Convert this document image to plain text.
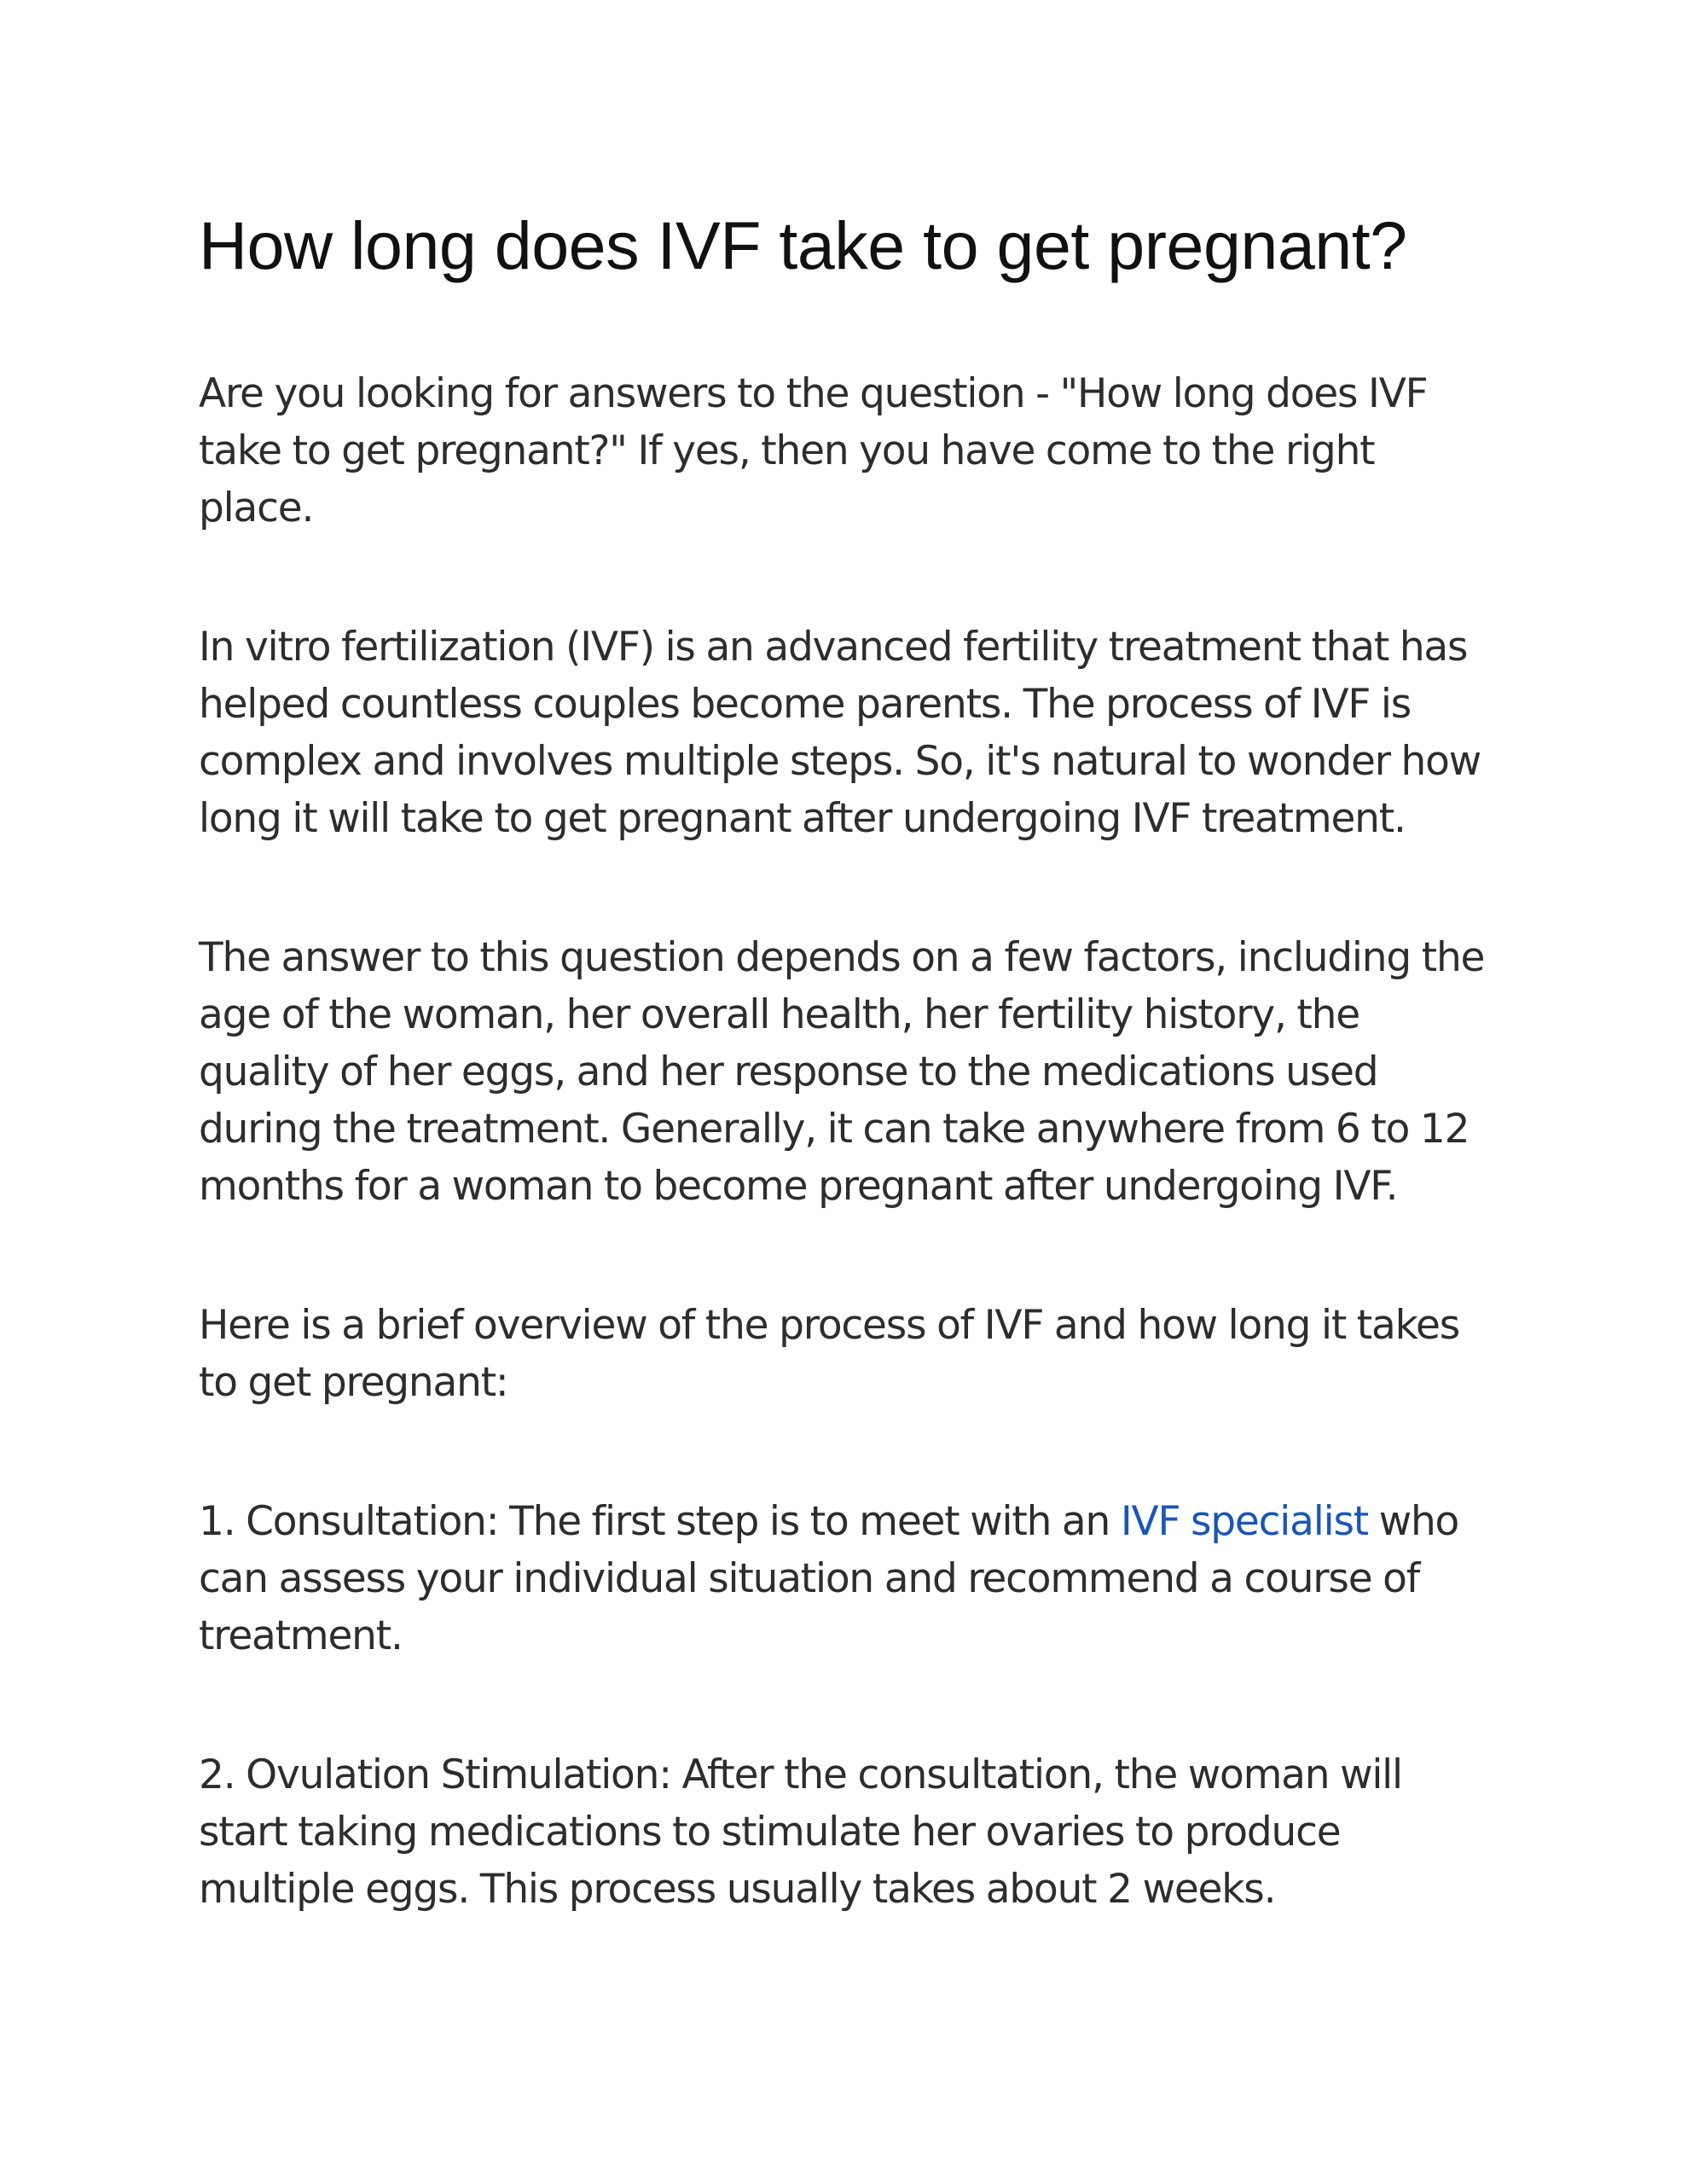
How long does IVF take to get pregnant?

Are you looking for answers to the question - "How long does IVF take to get pregnant?" If yes, then you have come to the right place.

In vitro fertilization (IVF) is an advanced fertility treatment that has helped countless couples become parents. The process of IVF is complex and involves multiple steps. So, it's natural to wonder how long it will take to get pregnant after undergoing IVF treatment.

The answer to this question depends on a few factors, including the age of the woman, her overall health, her fertility history, the quality of her eggs, and her response to the medications used during the treatment. Generally, it can take anywhere from 6 to 12 months for a woman to become pregnant after undergoing IVF.

Here is a brief overview of the process of IVF and how long it takes to get pregnant:

1. Consultation: The first step is to meet with an IVF specialist who can assess your individual situation and recommend a course of treatment.

2. Ovulation Stimulation: After the consultation, the woman will start taking medications to stimulate her ovaries to produce multiple eggs. This process usually takes about 2 weeks.
